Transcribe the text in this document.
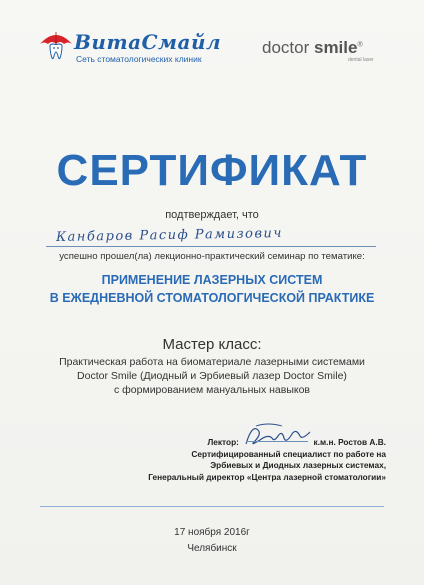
ВитаСмайл
Сеть стоматологических клиник
doctor smile®
dental laser
СЕРТИФИКАТ
подтверждает, что
Канбаров Расиф Рамизович
успешно прошел(ла) лекционно-практический семинар по тематике:
ПРИМЕНЕНИЕ ЛАЗЕРНЫХ СИСТЕМ
В ЕЖЕДНЕВНОЙ СТОМАТОЛОГИЧЕСКОЙ ПРАКТИКЕ
Мастер класс:
Практическая работа на биоматериале лазерными системами
Doctor Smile (Диодный и Эрбиевый лазер Doctor Smile)
с формированием мануальных навыков
Лектор:	к.м.н. Ростов А.В.
Сертифицированный специалист по работе на
Эрбиевых и Диодных лазерных системах,
Генеральный директор «Центра лазерной стоматологии»
17 ноября 2016г
Челябинск
